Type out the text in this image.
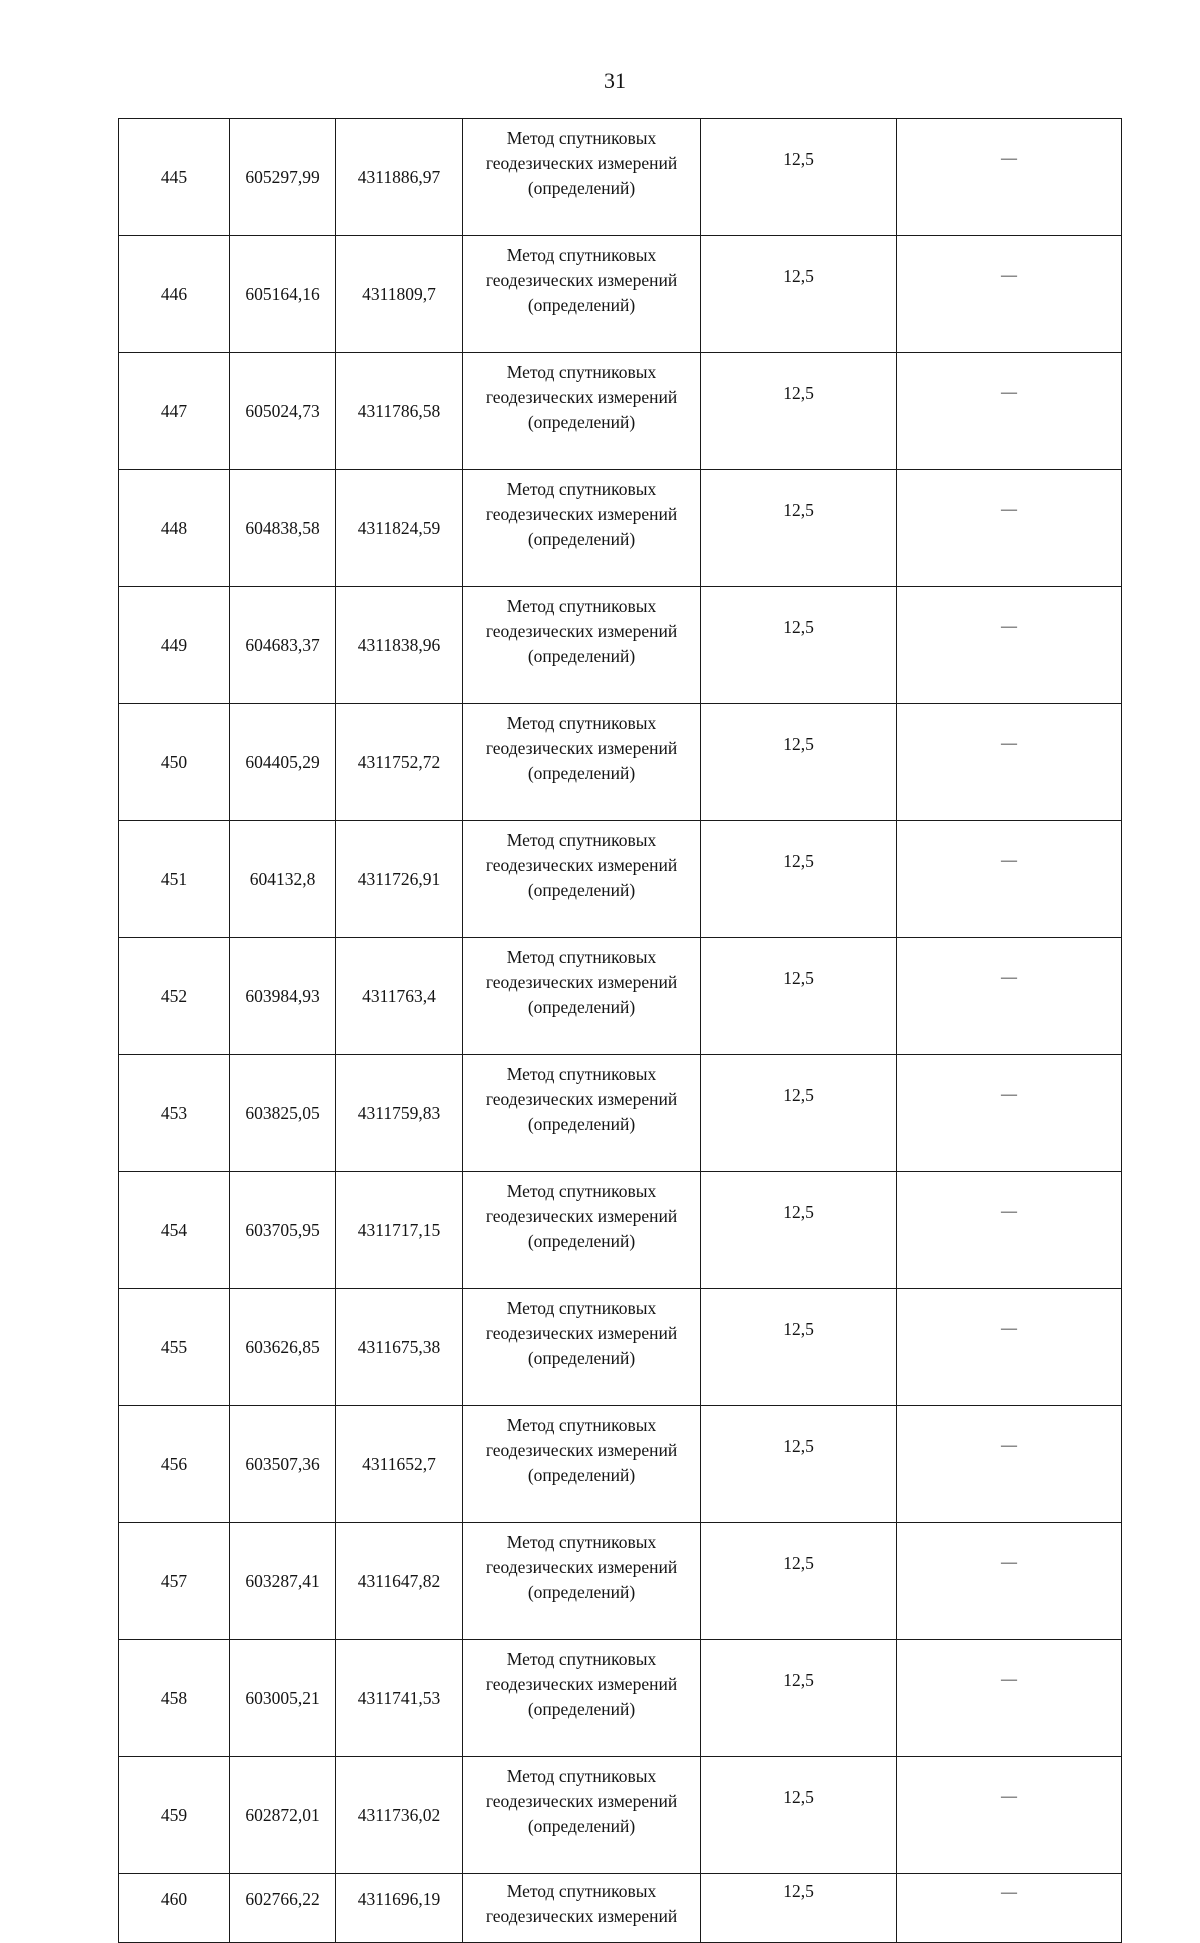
31
445	605297,99	4311886,97	Метод спутниковых
геодезических измерений
(определений)	12,5	—
446	605164,16	4311809,7	Метод спутниковых
геодезических измерений
(определений)	12,5	—
447	605024,73	4311786,58	Метод спутниковых
геодезических измерений
(определений)	12,5	—
448	604838,58	4311824,59	Метод спутниковых
геодезических измерений
(определений)	12,5	—
449	604683,37	4311838,96	Метод спутниковых
геодезических измерений
(определений)	12,5	—
450	604405,29	4311752,72	Метод спутниковых
геодезических измерений
(определений)	12,5	—
451	604132,8	4311726,91	Метод спутниковых
геодезических измерений
(определений)	12,5	—
452	603984,93	4311763,4	Метод спутниковых
геодезических измерений
(определений)	12,5	—
453	603825,05	4311759,83	Метод спутниковых
геодезических измерений
(определений)	12,5	—
454	603705,95	4311717,15	Метод спутниковых
геодезических измерений
(определений)	12,5	—
455	603626,85	4311675,38	Метод спутниковых
геодезических измерений
(определений)	12,5	—
456	603507,36	4311652,7	Метод спутниковых
геодезических измерений
(определений)	12,5	—
457	603287,41	4311647,82	Метод спутниковых
геодезических измерений
(определений)	12,5	—
458	603005,21	4311741,53	Метод спутниковых
геодезических измерений
(определений)	12,5	—
459	602872,01	4311736,02	Метод спутниковых
геодезических измерений
(определений)	12,5	—
460	602766,22	4311696,19	Метод спутниковых
геодезических измерений	12,5	—
